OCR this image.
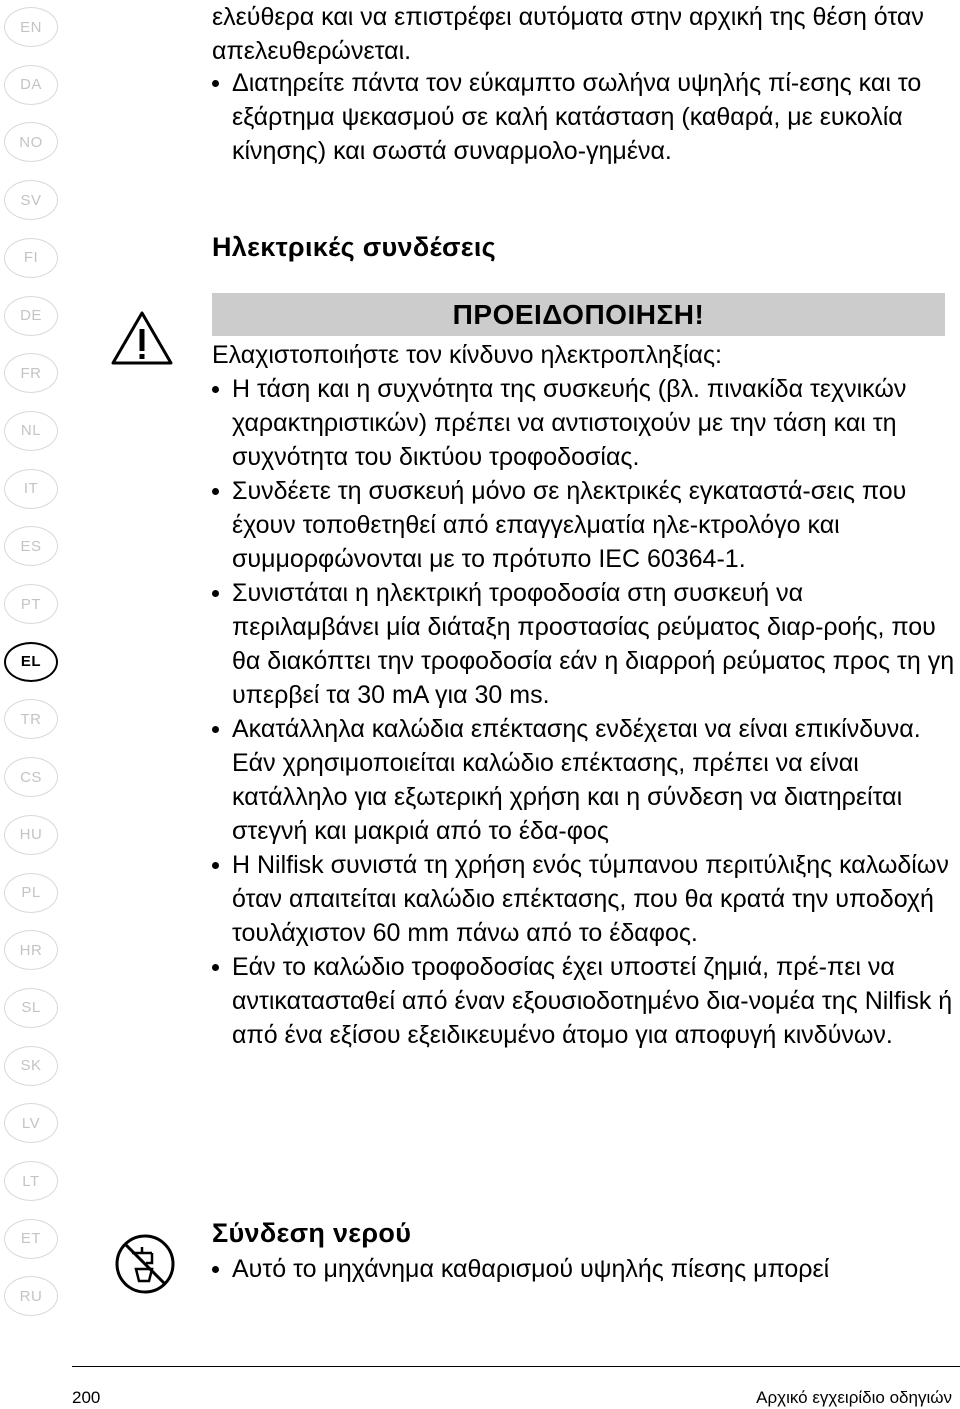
EN
DA
NO
SV
FI
DE
FR
NL
IT
ES
PT
EL
TR
CS
HU
PL
HR
SL
SK
LV
LT
ET
RU
ελεύθερα και να επιστρέφει αυτόματα στην αρχική της θέση όταν απελευθερώνεται.
Διατηρείτε πάντα τον εύκαμπτο σωλήνα υψηλής πί-εσης και το εξάρτημα ψεκασμού σε καλή κατάσταση (καθαρά, με ευκολία κίνησης) και σωστά συναρμολο-γημένα.
Ηλεκτρικές συνδέσεις
ΠΡΟΕΙΔΟΠΟΙΗΣΗ!
Ελαχιστοποιήστε τον κίνδυνο ηλεκτροπληξίας:
Η τάση και η συχνότητα της συσκευής (βλ. πινακίδα τεχνικών χαρακτηριστικών) πρέπει να αντιστοιχούν με την τάση και τη συχνότητα του δικτύου τροφοδοσίας.
Συνδέετε τη συσκευή μόνο σε ηλεκτρικές εγκαταστά-σεις που έχουν τοποθετηθεί από επαγγελματία ηλε-κτρολόγο και συμμορφώνονται με το πρότυπο IEC 60364-1.
Συνιστάται η ηλεκτρική τροφοδοσία στη συσκευή να περιλαμβάνει μία διάταξη προστασίας ρεύματος διαρ-ροής, που θα διακόπτει την τροφοδοσία εάν η διαρροή ρεύματος προς τη γη υπερβεί τα 30 mA για 30 ms.
Ακατάλληλα καλώδια επέκτασης ενδέχεται να είναι επικίνδυνα. Εάν χρησιμοποιείται καλώδιο επέκτασης, πρέπει να είναι κατάλληλο για εξωτερική χρήση και η σύνδεση να διατηρείται στεγνή και μακριά από το έδα-φος
Η Nilfisk συνιστά τη χρήση ενός τύμπανου περιτύλιξης καλωδίων όταν απαιτείται καλώδιο επέκτασης, που θα κρατά την υποδοχή τουλάχιστον 60 mm πάνω από το έδαφος.
Εάν το καλώδιο τροφοδοσίας έχει υποστεί ζημιά, πρέ-πει να αντικατασταθεί από έναν εξουσιοδοτημένο δια-νομέα της Nilfisk ή από ένα εξίσου εξειδικευμένο άτομο για αποφυγή κινδύνων.
Σύνδεση νερού
Αυτό το μηχάνημα καθαρισμού υψηλής πίεσης μπορεί
200	Αρχικό εγχειρίδιο οδηγιών
